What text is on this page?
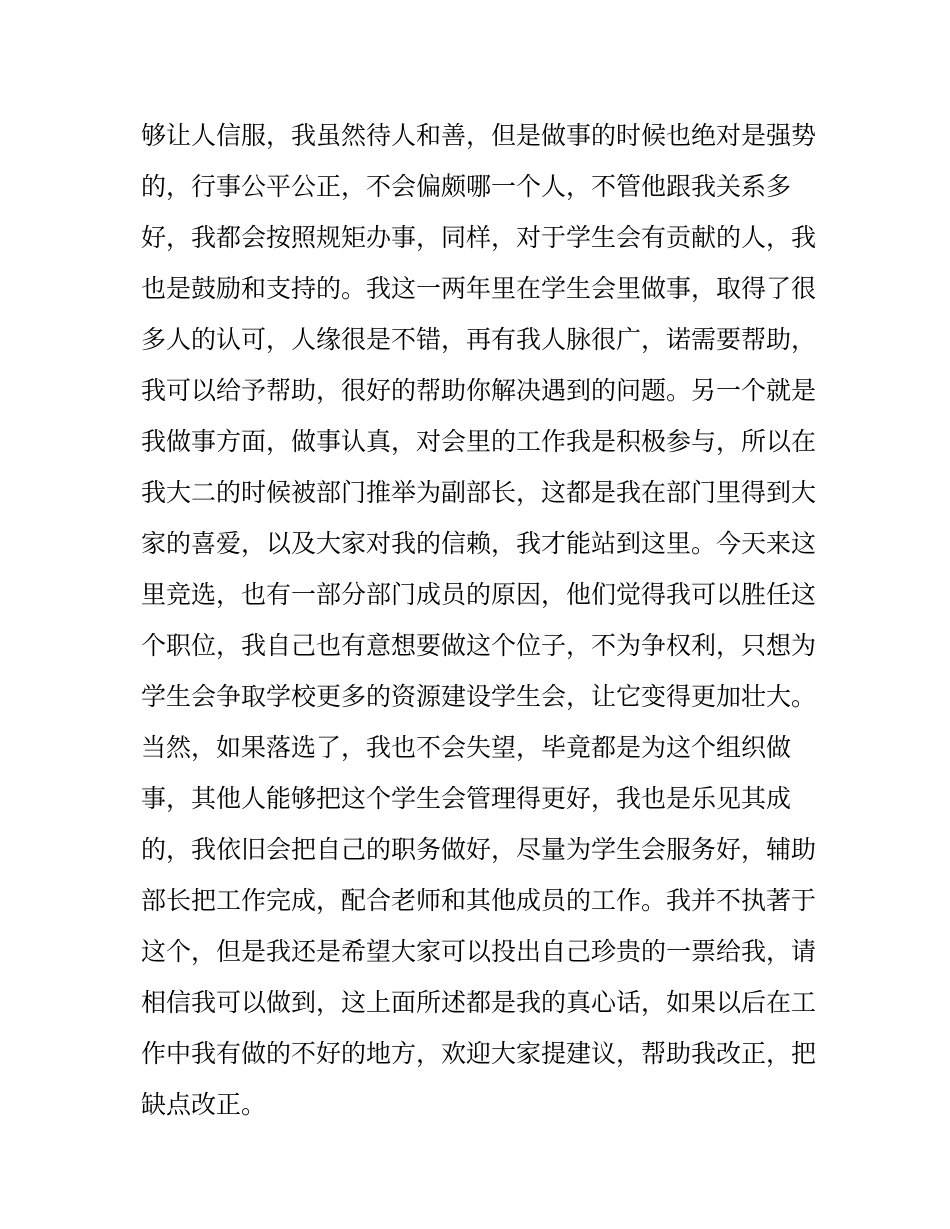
够让人信服，我虽然待人和善，但是做事的时候也绝对是强势
的，行事公平公正，不会偏颇哪一个人，不管他跟我关系多
好，我都会按照规矩办事，同样，对于学生会有贡献的人，我
也是鼓励和支持的。我这一两年里在学生会里做事，取得了很
多人的认可，人缘很是不错，再有我人脉很广，诺需要帮助，
我可以给予帮助，很好的帮助你解决遇到的问题。另一个就是
我做事方面，做事认真，对会里的工作我是积极参与，所以在
我大二的时候被部门推举为副部长，这都是我在部门里得到大
家的喜爱，以及大家对我的信赖，我才能站到这里。今天来这
里竞选，也有一部分部门成员的原因，他们觉得我可以胜任这
个职位，我自己也有意想要做这个位子，不为争权利，只想为
学生会争取学校更多的资源建设学生会，让它变得更加壮大。
当然，如果落选了，我也不会失望，毕竟都是为这个组织做
事，其他人能够把这个学生会管理得更好，我也是乐见其成
的，我依旧会把自己的职务做好，尽量为学生会服务好，辅助
部长把工作完成，配合老师和其他成员的工作。我并不执著于
这个，但是我还是希望大家可以投出自己珍贵的一票给我，请
相信我可以做到，这上面所述都是我的真心话，如果以后在工
作中我有做的不好的地方，欢迎大家提建议，帮助我改正，把
缺点改正。
